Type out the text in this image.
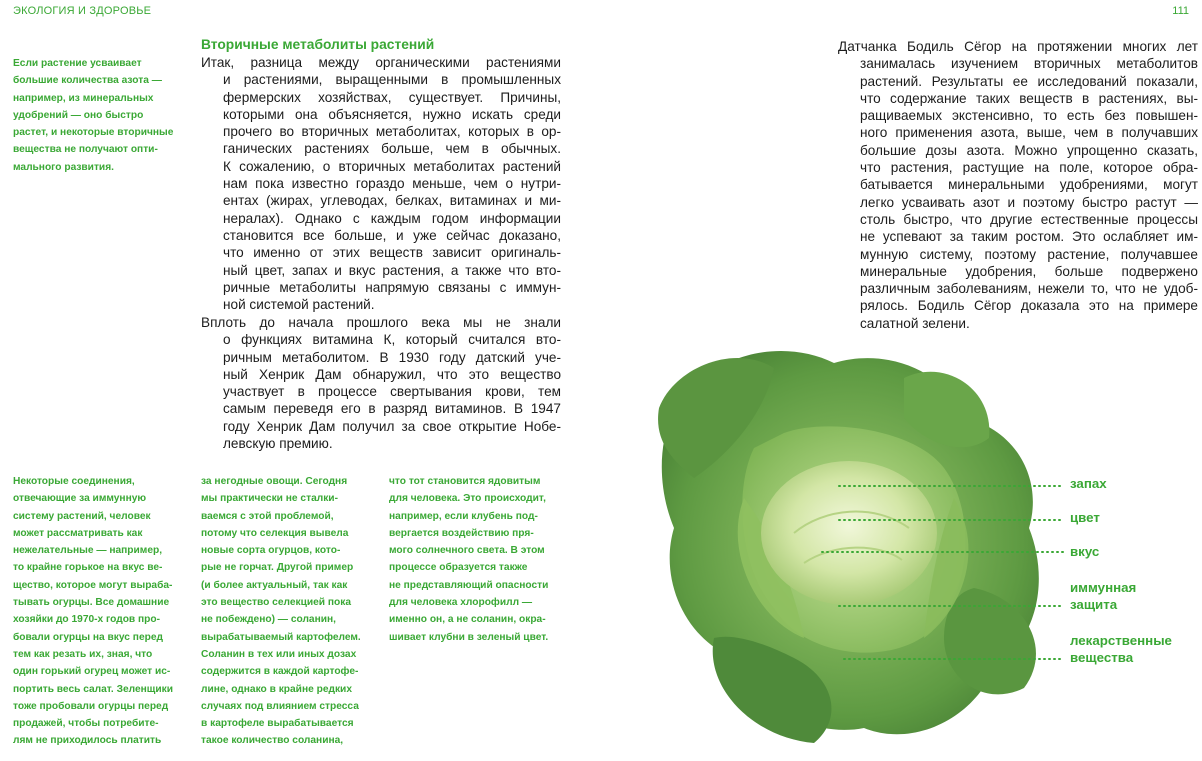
ЭКОЛОГИЯ И ЗДОРОВЬЕ	111
Если растение усваивает
большие количества азота —
например, из минеральных
удобрений — оно быстро
растет, и некоторые вторичные
вещества не получают опти-
мального развития.
Вторичные метаболиты растений
Итак, разница между органическими растениями
и растениями, выращенными в промышленных
фермерских хозяйствах, существует. Причины,
которыми она объясняется, нужно искать среди
прочего во вторичных метаболитах, которых в ор-
ганических растениях больше, чем в обычных.
К сожалению, о вторичных метаболитах растений
нам пока известно гораздо меньше, чем о нутри-
ентах (жирах, углеводах, белках, витаминах и ми-
нералах). Однако с каждым годом информации
становится все больше, и уже сейчас доказано,
что именно от этих веществ зависит оригиналь-
ный цвет, запах и вкус растения, а также что вто-
ричные метаболиты напрямую связаны с иммун-
ной системой растений.
Вплоть до начала прошлого века мы не знали
о функциях витамина К, который считался вто-
ричным метаболитом. В 1930 году датский уче-
ный Хенрик Дам обнаружил, что это вещество
участвует в процессе свертывания крови, тем
самым переведя его в разряд витаминов. В 1947
году Хенрик Дам получил за свое открытие Нобе-
левскую премию.
Датчанка Бодиль Сёгор на протяжении многих лет
занималась изучением вторичных метаболитов
растений. Результаты ее исследований показали,
что содержание таких веществ в растениях, вы-
ращиваемых экстенсивно, то есть без повышен-
ного применения азота, выше, чем в получавших
большие дозы азота. Можно упрощенно сказать,
что растения, растущие на поле, которое обра-
батывается минеральными удобрениями, могут
легко усваивать азот и поэтому быстро растут —
столь быстро, что другие естественные процессы
не успевают за таким ростом. Это ослабляет им-
мунную систему, поэтому растение, получавшее
минеральные удобрения, больше подвержено
различным заболеваниям, нежели то, что не удоб-
рялось. Бодиль Сёгор доказала это на примере
салатной зелени.
Некоторые соединения,
отвечающие за иммунную
систему растений, человек
может рассматривать как
нежелательные — например,
то крайне горькое на вкус ве-
щество, которое могут выраба-
тывать огурцы. Все домашние
хозяйки до 1970-х годов про-
бовали огурцы на вкус перед
тем как резать их, зная, что
один горький огурец может ис-
портить весь салат. Зеленщики
тоже пробовали огурцы перед
продажей, чтобы потребите-
лям не приходилось платить
за негодные овощи. Сегодня
мы практически не сталки-
ваемся с этой проблемой,
потому что селекция вывела
новые сорта огурцов, кото-
рые не горчат. Другой пример
(и более актуальный, так как
это вещество селекцией пока
не побеждено) — соланин,
вырабатываемый картофелем.
Соланин в тех или иных дозах
содержится в каждой картофе-
лине, однако в крайне редких
случаях под влиянием стресса
в картофеле вырабатывается
такое количество соланина,
что тот становится ядовитым
для человека. Это происходит,
например, если клубень под-
вергается воздействию пря-
мого солнечного света. В этом
процессе образуется также
не представляющий опасности
для человека хлорофилл —
именно он, а не соланин, окра-
шивает клубни в зеленый цвет.
запах
цвет
вкус
иммунная
защита
лекарственные
вещества
